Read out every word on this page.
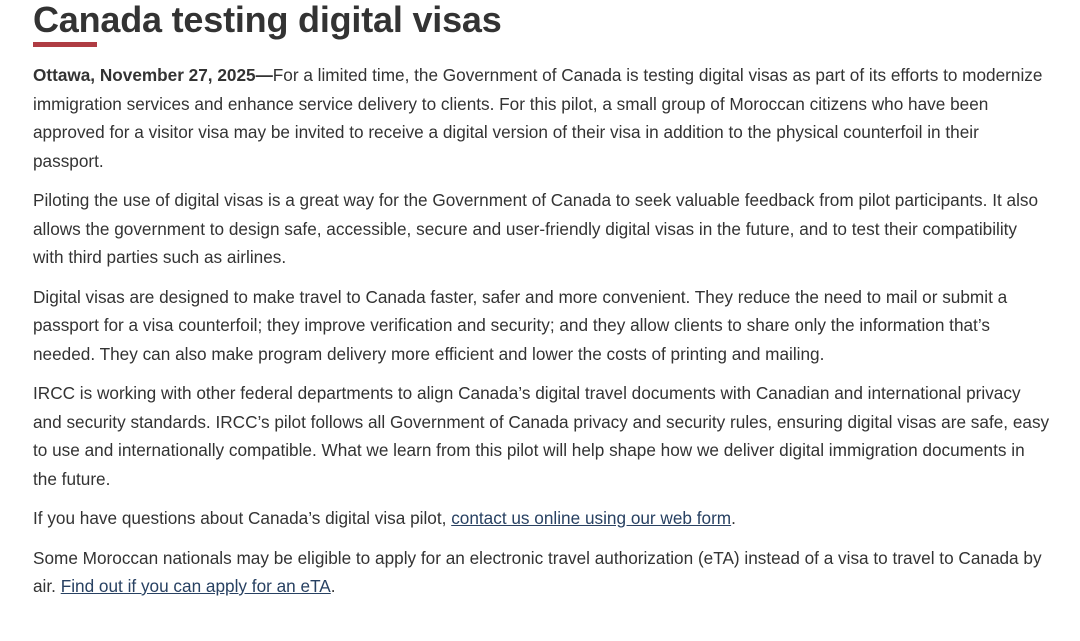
Canada testing digital visas

Ottawa, November 27, 2025—For a limited time, the Government of Canada is testing digital visas as part of its efforts to modernize immigration services and enhance service delivery to clients. For this pilot, a small group of Moroccan citizens who have been approved for a visitor visa may be invited to receive a digital version of their visa in addition to the physical counterfoil in their passport.

Piloting the use of digital visas is a great way for the Government of Canada to seek valuable feedback from pilot participants. It also allows the government to design safe, accessible, secure and user-friendly digital visas in the future, and to test their compatibility with third parties such as airlines.

Digital visas are designed to make travel to Canada faster, safer and more convenient. They reduce the need to mail or submit a passport for a visa counterfoil; they improve verification and security; and they allow clients to share only the information that’s needed. They can also make program delivery more efficient and lower the costs of printing and mailing.

IRCC is working with other federal departments to align Canada’s digital travel documents with Canadian and international privacy and security standards. IRCC’s pilot follows all Government of Canada privacy and security rules, ensuring digital visas are safe, easy to use and internationally compatible. What we learn from this pilot will help shape how we deliver digital immigration documents in the future.

If you have questions about Canada’s digital visa pilot, contact us online using our web form.

Some Moroccan nationals may be eligible to apply for an electronic travel authorization (eTA) instead of a visa to travel to Canada by air. Find out if you can apply for an eTA.
